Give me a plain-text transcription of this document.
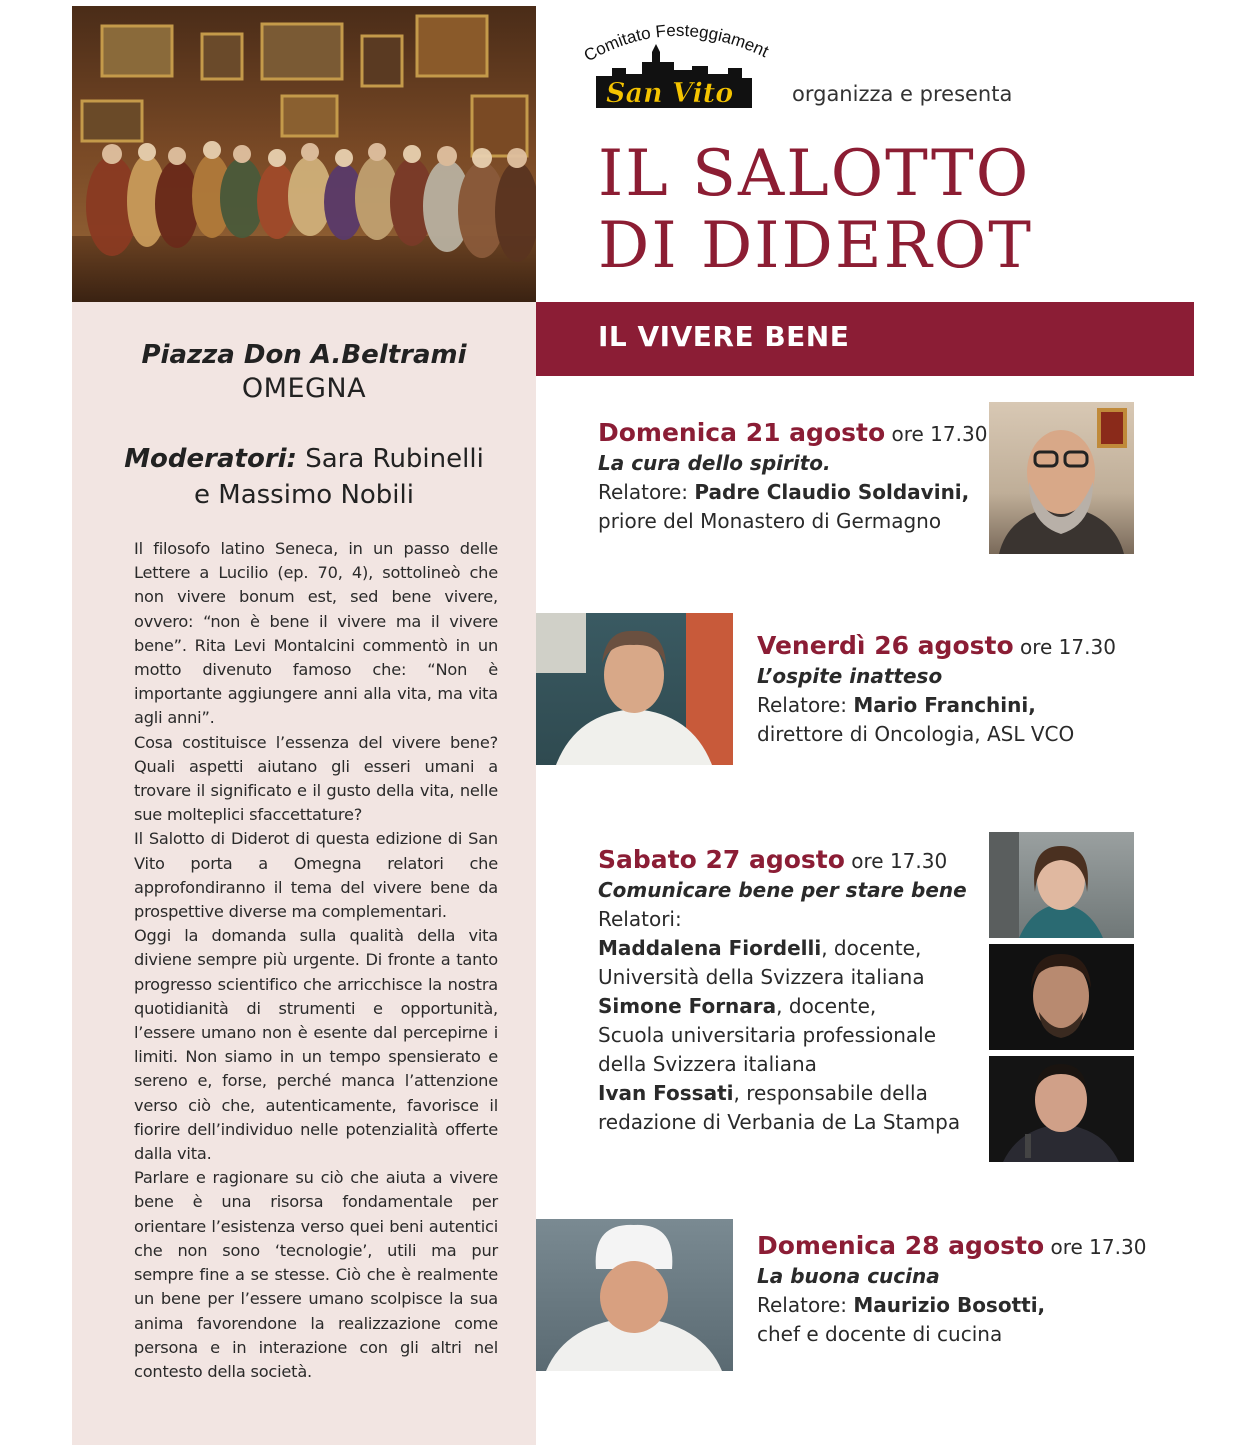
Piazza Don A.Beltrami
OMEGNA
Moderatori: Sara Rubinelli
e Massimo Nobili

Il filosofo latino Seneca, in un passo delle Lettere a Lucilio (ep. 70, 4), sottolineò che non vivere bonum est, sed bene vivere, ovvero: “non è bene il vivere ma il vivere bene”. Rita Levi Montalcini commentò in un motto divenuto famoso che: “Non è importante aggiungere anni alla vita, ma vita agli anni”.

Cosa costituisce l’essenza del vivere bene? Quali aspetti aiutano gli esseri umani a trovare il significato e il gusto della vita, nelle sue molteplici sfaccettature?

Il Salotto di Diderot di questa edizione di San Vito porta a Omegna relatori che approfondiranno il tema del vivere bene da prospettive diverse ma complementari.

Oggi la domanda sulla qualità della vita diviene sempre più urgente. Di fronte a tanto progresso scientifico che arricchisce la nostra quotidianità di strumenti e opportunità, l’essere umano non è esente dal percepirne i limiti. Non siamo in un tempo spensierato e sereno e, forse, perché manca l’attenzione verso ciò che, autenticamente, favorisce il fiorire dell’individuo nelle potenzialità offerte dalla vita.

Parlare e ragionare su ciò che aiuta a vivere bene è una risorsa fondamentale per orientare l’esistenza verso quei beni autentici che non sono ‘tecnologie’, utili ma pur sempre fine a se stesse. Ciò che è realmente un bene per l’essere umano scolpisce la sua anima favorendone la realizzazione come persona e in interazione con gli altri nel contesto della società.

Comitato Festeggiament
San Vito	organizza e presenta
IL SALOTTO
DI DIDEROT
IL VIVERE BENE
Domenica 21 agosto ore 17.30
La cura dello spirito.
Relatore: Padre Claudio Soldavini,
priore del Monastero di Germagno
Venerdì 26 agosto ore 17.30
L’ospite inatteso
Relatore: Mario Franchini,
direttore di Oncologia, ASL VCO
Sabato 27 agosto ore 17.30
Comunicare bene per stare bene
Relatori:
Maddalena Fiordelli, docente,
Università della Svizzera italiana
Simone Fornara, docente,
Scuola universitaria professionale
della Svizzera italiana
Ivan Fossati, responsabile della
redazione di Verbania de La Stampa
Domenica 28 agosto ore 17.30
La buona cucina
Relatore: Maurizio Bosotti,
chef e docente di cucina
